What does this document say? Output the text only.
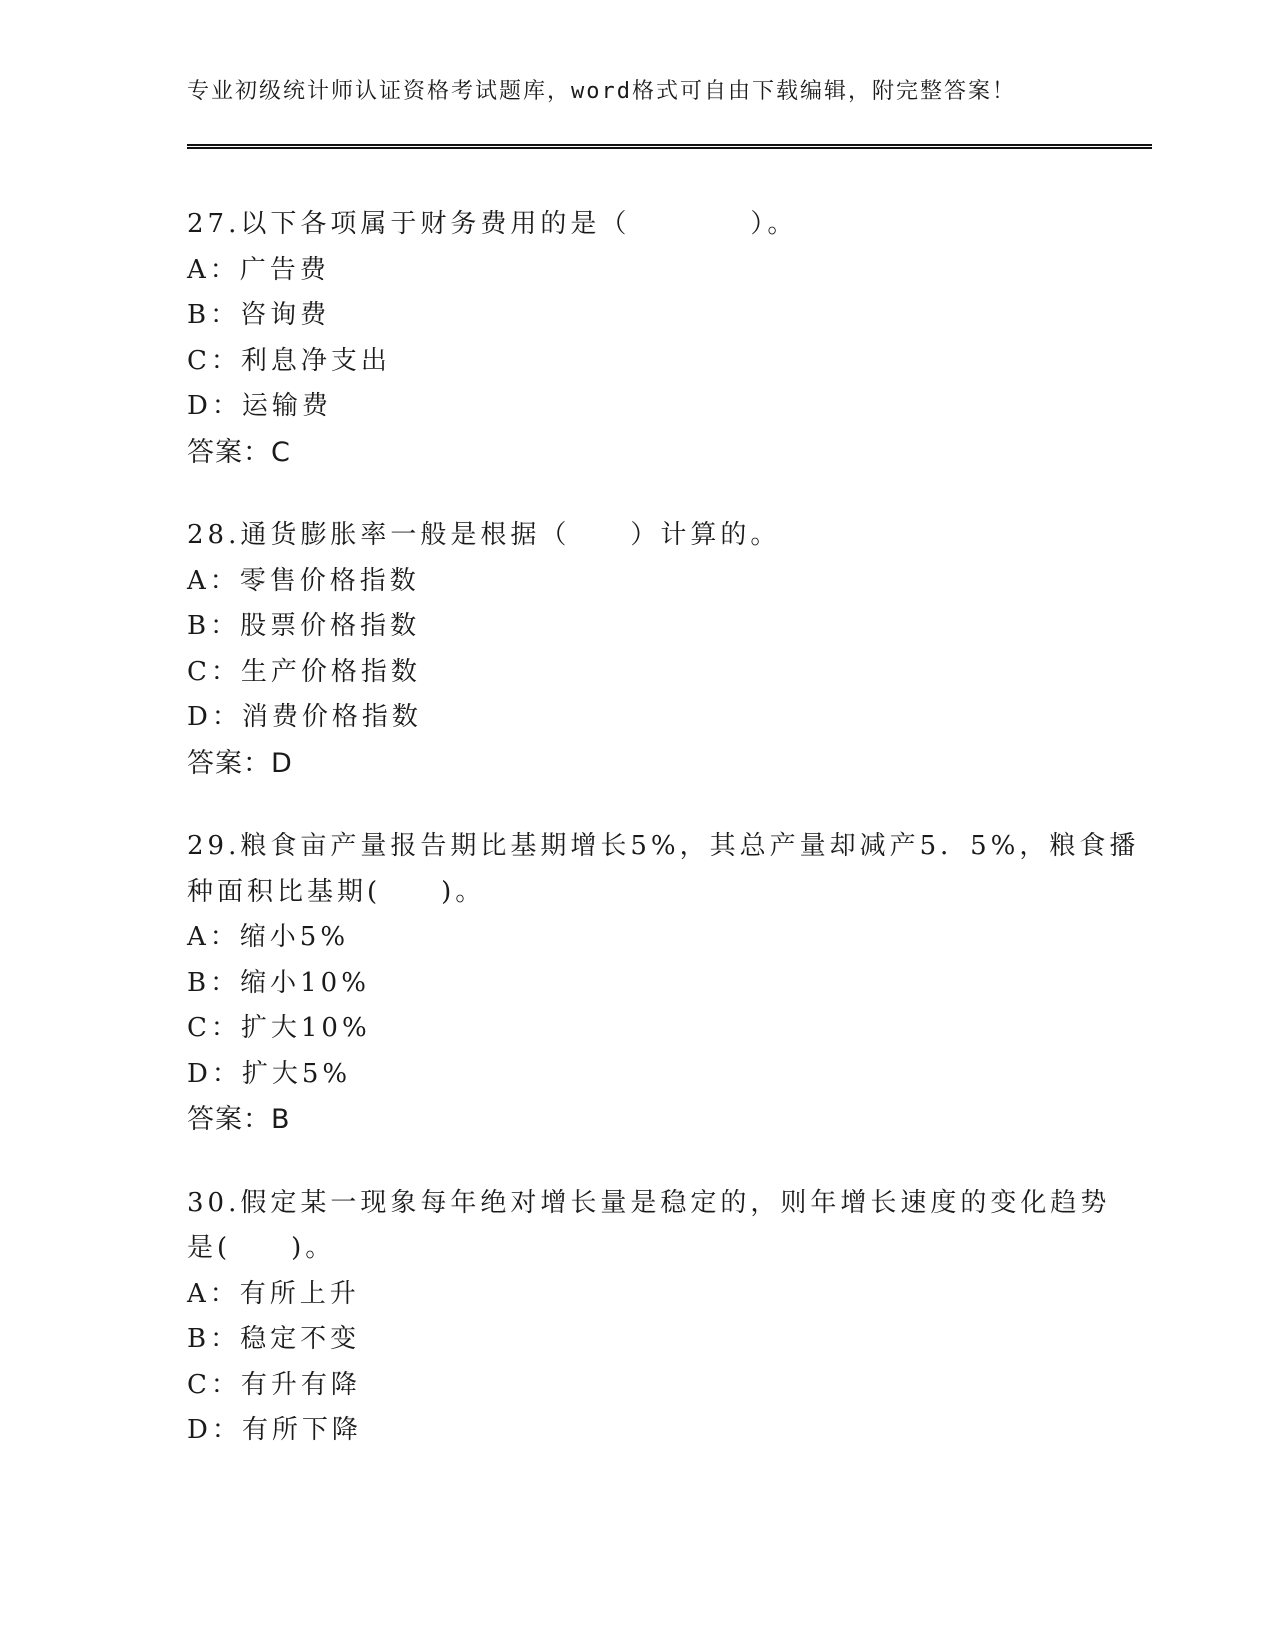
专业初级统计师认证资格考试题库，word格式可自由下载编辑，附完整答案！
27.以下各项属于财务费用的是（　　　　）。
A：广告费
B：咨询费
C：利息净支出
D：运输费
答案：C
28.通货膨胀率一般是根据（　　）计算的。
A：零售价格指数
B：股票价格指数
C：生产价格指数
D：消费价格指数
答案：D
29.粮食亩产量报告期比基期增长5%，其总产量却减产5．5%，粮食播
种面积比基期(　　)。
A：缩小5%
B：缩小10%
C：扩大10%
D：扩大5%
答案：B
30.假定某一现象每年绝对增长量是稳定的，则年增长速度的变化趋势
是(　　)。
A：有所上升
B：稳定不变
C：有升有降
D：有所下降
